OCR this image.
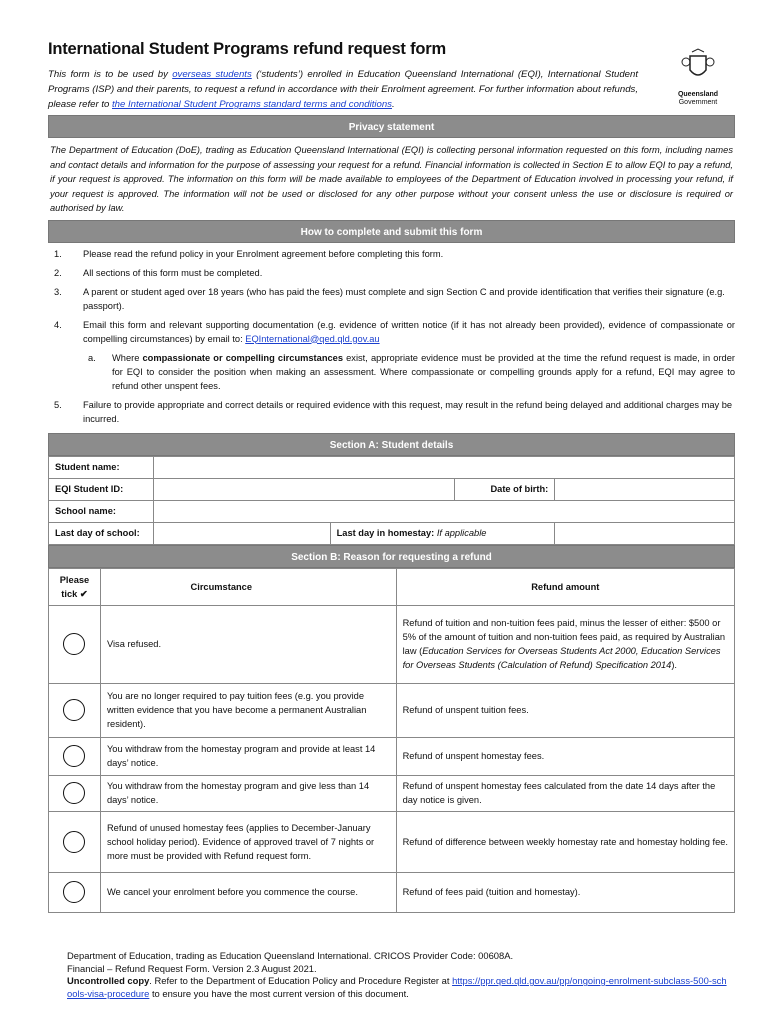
International Student Programs refund request form
Queensland
Government

This form is to be used by overseas students (‘students’) enrolled in Education Queensland International (EQI), International Student Programs (ISP) and their parents, to request a refund in accordance with their Enrolment agreement. For further information about refunds, please refer to the International Student Programs standard terms and conditions.

Privacy statement

The Department of Education (DoE), trading as Education Queensland International (EQI) is collecting personal information requested on this form, including names and contact details and information for the purpose of assessing your request for a refund. Financial information is collected in Section E to allow EQI to pay a refund, if your request is approved. The information on this form will be made available to employees of the Department of Education involved in processing your refund, if your request is approved. The information will not be used or disclosed for any other purpose without your consent unless the use or disclosure is required or authorised by law.

How to complete and submit this form
1.	Please read the refund policy in your Enrolment agreement before completing this form.
2.	All sections of this form must be completed.
3.	A parent or student aged over 18 years (who has paid the fees) must complete and sign Section C and provide identification that verifies their signature (e.g. passport).
4.	Email this form and relevant supporting documentation (e.g. evidence of written notice (if it has not already been provided), evidence of compassionate or compelling circumstances) by email to: EQInternational@qed.qld.gov.au
a.	Where compassionate or compelling circumstances exist, appropriate evidence must be provided at the time the refund request is made, in order for EQI to consider the position when making an assessment. Where compassionate or compelling grounds apply for a refund, EQI may agree to refund other unspent fees.
5.	Failure to provide appropriate and correct details or required evidence with this request, may result in the refund being delayed and additional charges may be incurred.
Section A: Student details
Student name:				
EQI Student ID:			Date of birth:	
School name:				
Last day of school:		Last day in homestay: If applicable		
Section B: Reason for requesting a refund
Please tick ✔	Circumstance	Refund amount

	Visa refused.	Refund of tuition and non-tuition fees paid, minus the lesser of either: $500 or 5% of the amount of tuition and non-tuition fees paid, as required by Australian law (Education Services for Overseas Students Act 2000, Education Services for Overseas Students (Calculation of Refund) Specification 2014).

	You are no longer required to pay tuition fees (e.g. you provide written evidence that you have become a permanent Australian resident).	Refund of unspent tuition fees.

	You withdraw from the homestay program and provide at least 14 days’ notice.	Refund of unspent homestay fees.

	You withdraw from the homestay program and give less than 14 days’ notice.	Refund of unspent homestay fees calculated from the date 14 days after the day notice is given.

	Refund of unused homestay fees (applies to December-January school holiday period). Evidence of approved travel of 7 nights or more must be provided with Refund request form.	Refund of difference between weekly homestay rate and homestay holding fee.

	We cancel your enrolment before you commence the course.	Refund of fees paid (tuition and homestay).
Department of Education, trading as Education Queensland International. CRICOS Provider Code: 00608A.
Financial – Refund Request Form. Version 2.3 August 2021.
Uncontrolled copy. Refer to the Department of Education Policy and Procedure Register at https://ppr.qed.qld.gov.au/pp/ongoing-enrolment-subclass-500-schools-visa-procedure to ensure you have the most current version of this document.
